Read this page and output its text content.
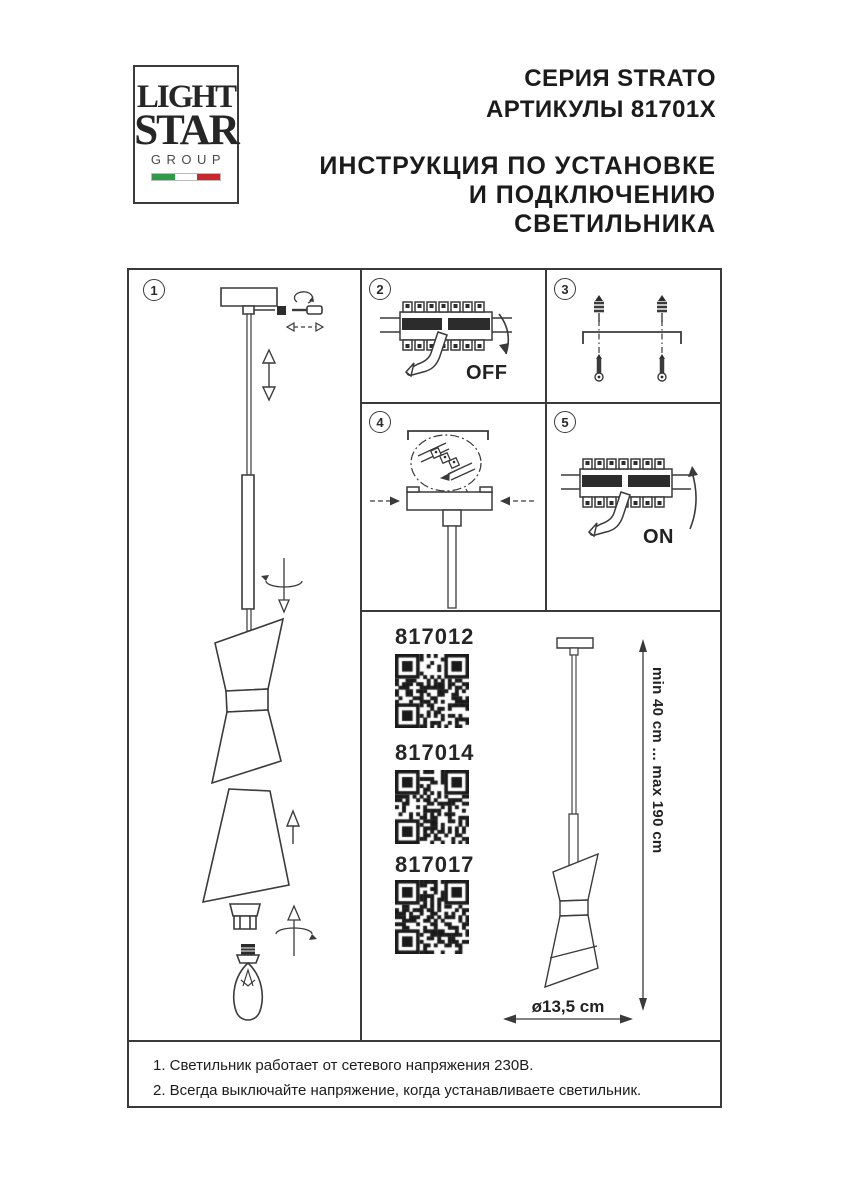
LIGHT
STAR
GROUP
СЕРИЯ STRATO
АРТИКУЛЫ 81701X
ИНСТРУКЦИЯ ПО УСТАНОВКЕ
И ПОДКЛЮЧЕНИЮ СВЕТИЛЬНИКА
1	2
OFF
3
4	5
ON
817012
817014
817017
min 40 cm ... max 190 cm
ø13,5 cm
1. Светильник работает от сетевого напряжения 230В.
2. Всегда выключайте напряжение, когда устанавливаете светильник.
